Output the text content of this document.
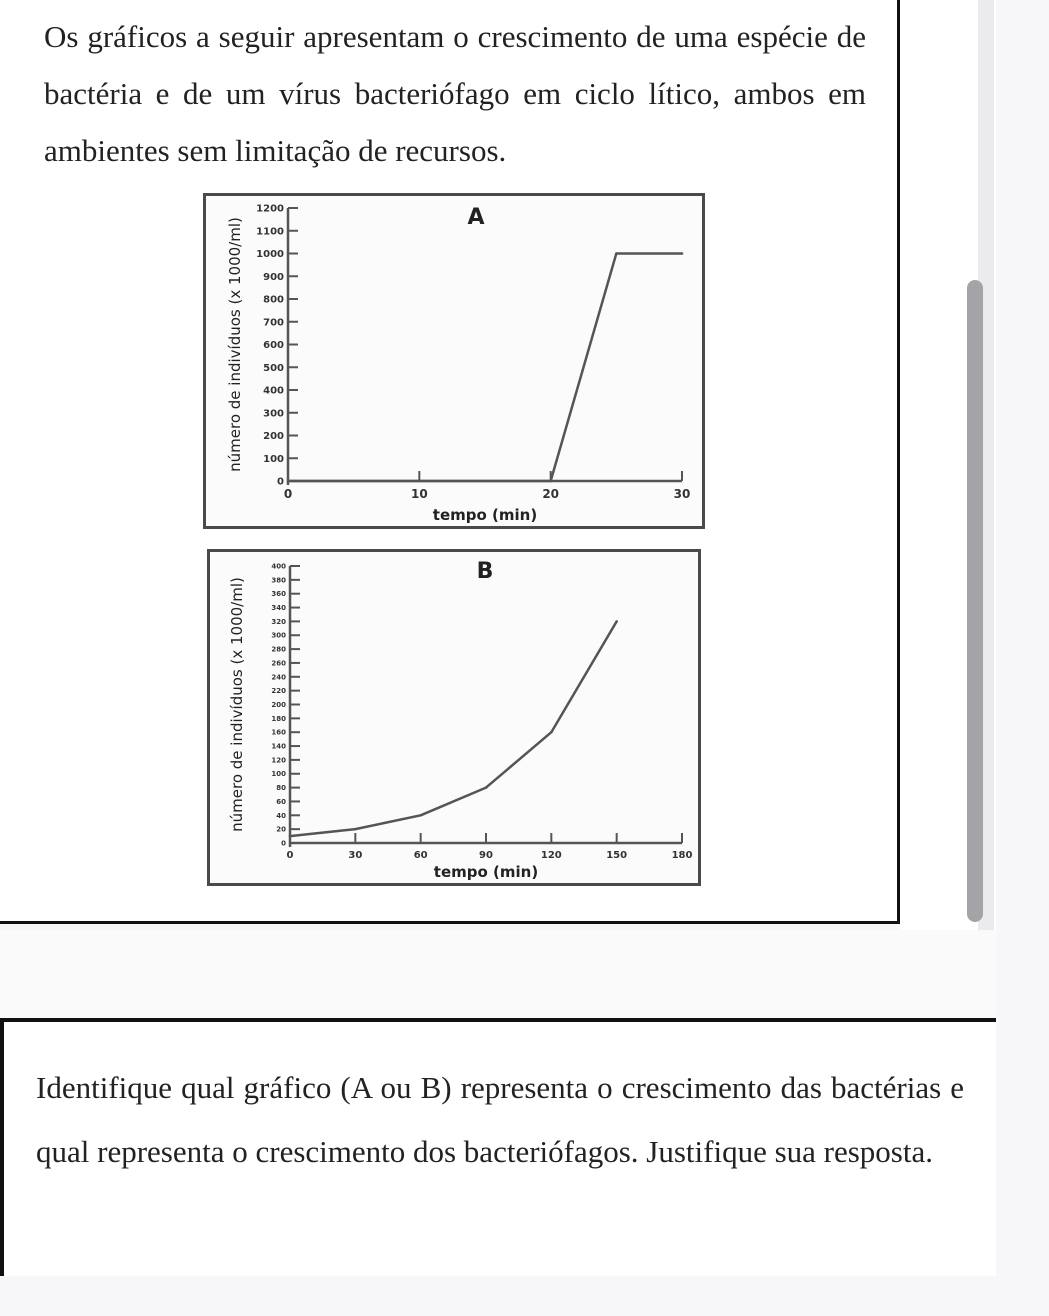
Os gráficos a seguir apresentam o crescimento de uma espécie de bactéria e de um vírus bacteriófago em ciclo lítico, ambos em ambientes sem limitação de recursos.

A
0
100
200
300
400
500
600
700
800
900
1000
1100
1200
0	10	20	30
tempo (min)
número de indivíduos (x 1000/ml)
B
0
20
40
60
80
100
120
140
160
180
200
220
240
260
280
300
320
340
360
380
400
0	30	60	90	120	150	180
tempo (min)
número de indivíduos (x 1000/ml)

Identifique qual gráfico (A ou B) representa o crescimento das bactérias e qual representa o crescimento dos bacteriófagos. Justifique sua resposta.
